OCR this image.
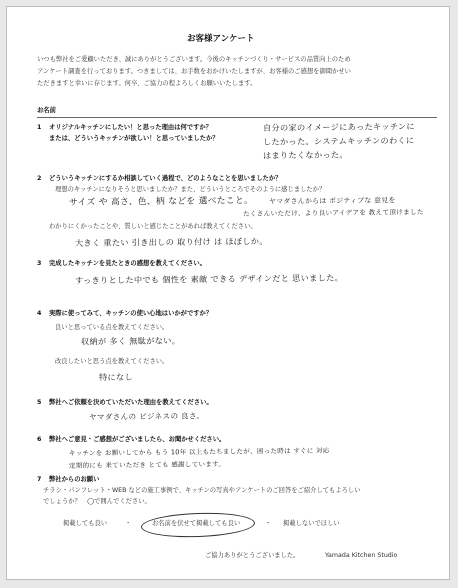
お客様アンケート
いつも弊社をご愛顧いただき、誠にありがとうございます。今後のキッチンづくり・サービスの品質向上のため
アンケート調査を行っております。つきましては、お手数をおかけいたしますが、お客様のご感想を御聞かせい
ただきますと幸いに存じます。何卒、ご協力の程よろしくお願いいたします。
お名前
1 オリジナルキッチンにしたい！と思った理由は何ですか？
または、どういうキッチンが欲しい！と思っていましたか？
自分の家のイメージにあったキッチンに
したかった。システムキッチンのわくに
はまりたくなかった。
2 どういうキッチンにするか相談していく過程で、どのようなことを思いましたか？
理想のキッチンになりそうと思いましたか？また、どういうところでそのように感じましたか？
サイズ や 高さ、色、柄 などを 選べたこと。 ヤマダさんからは ポジティブな 意見を
たくさんいただけ、より良いアイデアを 教えて頂けました
わかりにくかったことや、質しいと感じたことがあれば教えてください。
大きく 重たい 引き出しの 取り付け は ほぼしか。
3 完成したキッチンを見たときの感想を教えてください。
すっきりとした中でも 個性を 素敵 できる デザインだと 思いました。
4 実際に使ってみて、キッチンの使い心地はいかがですか？
良いと思っている点を教えてください。
収納が 多く 無駄がない。
改良したいと思う点を教えてください。
特になし
5 弊社へご依頼を決めていただいた理由を教えてください。
ヤマダさんの ビジネスの 良さ。
6 弊社へご意見・ご感想がございましたら、お聞かせください。
キッチンを お願いしてから もう 10年 以上もたちましたが、困った時は すぐに 対応
定期的にも 来ていただき とても 感謝しています。
7 弊社からのお願い
チラシ・パンフレット・WEB などの施工事例で、キッチンの写真やアンケートのご回答をご紹介してもよろしい
でしょうか？　◯で囲んでください。
掲載しても良い	・	お名前を伏せて掲載しても良い	・ 掲載しないでほしい
ご協力ありがとうございました。	Yamada Kitchen Studio
